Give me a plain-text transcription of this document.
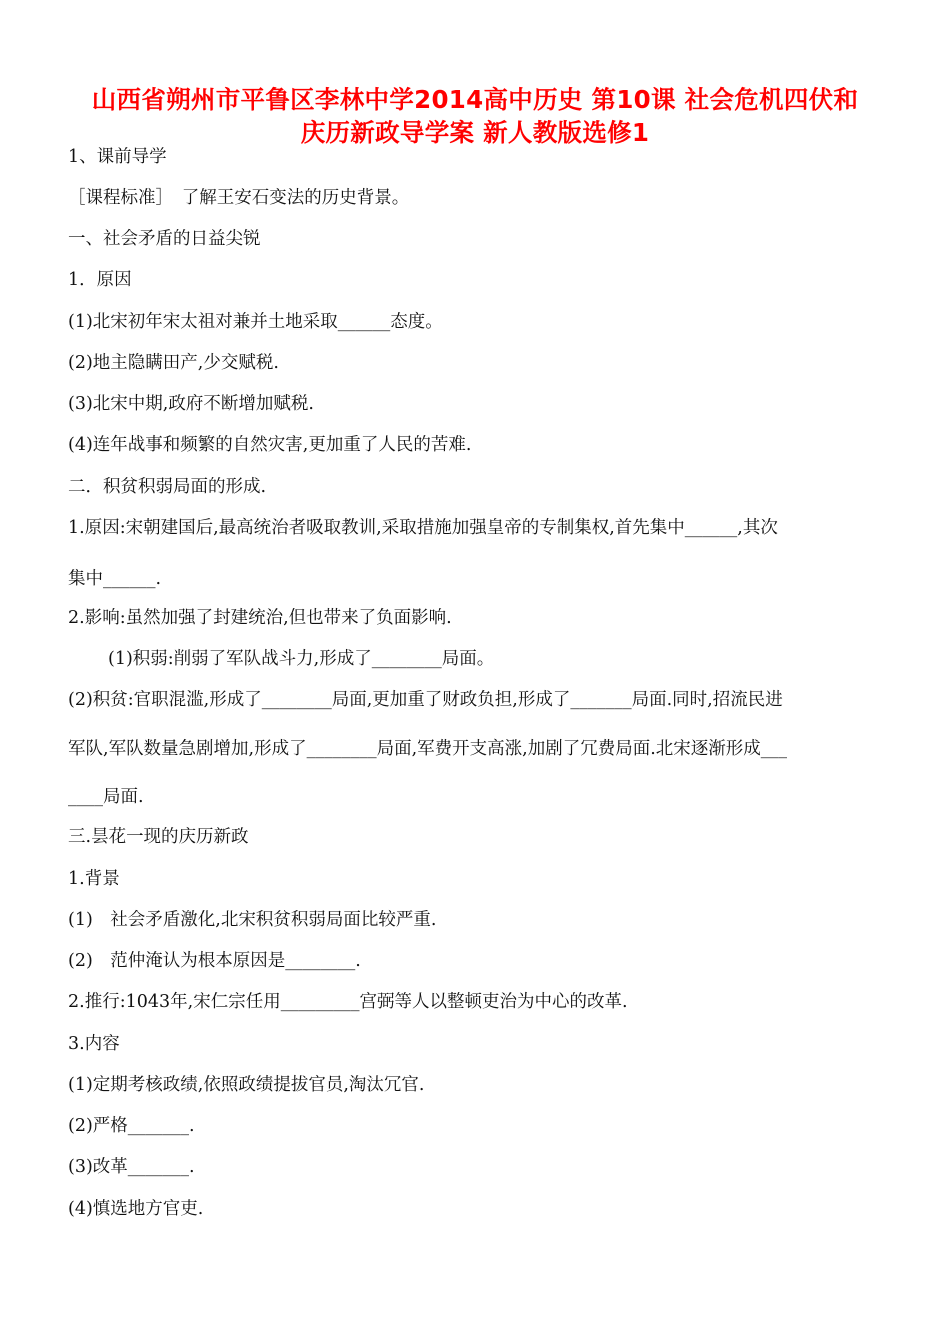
山西省朔州市平鲁区李林中学2014高中历史 第10课 社会危机四伏和
庆历新政导学案 新人教版选修1
1、课前导学
［课程标准］　了解王安石变法的历史背景。
一、社会矛盾的日益尖锐
1．原因
(1)北宋初年宋太祖对兼并土地采取______态度。
(2)地主隐瞒田产,少交赋税.
(3)北宋中期,政府不断增加赋税.
(4)连年战事和频繁的自然灾害,更加重了人民的苦难.
二．积贫积弱局面的形成.
1.原因:宋朝建国后,最高统治者吸取教训,采取措施加强皇帝的专制集权,首先集中______,其次
集中______.
2.影响:虽然加强了封建统治,但也带来了负面影响.
(1)积弱:削弱了军队战斗力,形成了________局面。
(2)积贫:官职混滥,形成了________局面,更加重了财政负担,形成了_______局面.同时,招流民进
军队,军队数量急剧增加,形成了________局面,军费开支高涨,加剧了冗费局面.北宋逐渐形成___
____局面.
三.昙花一现的庆历新政
1.背景
(1)　社会矛盾激化,北宋积贫积弱局面比较严重.
(2)　范仲淹认为根本原因是________.
2.推行:1043年,宋仁宗任用_________宫弼等人以整顿吏治为中心的改革.
3.内容
(1)定期考核政绩,依照政绩提拔官员,淘汰冗官.
(2)严格_______.
(3)改革_______.
(4)慎选地方官吏.
